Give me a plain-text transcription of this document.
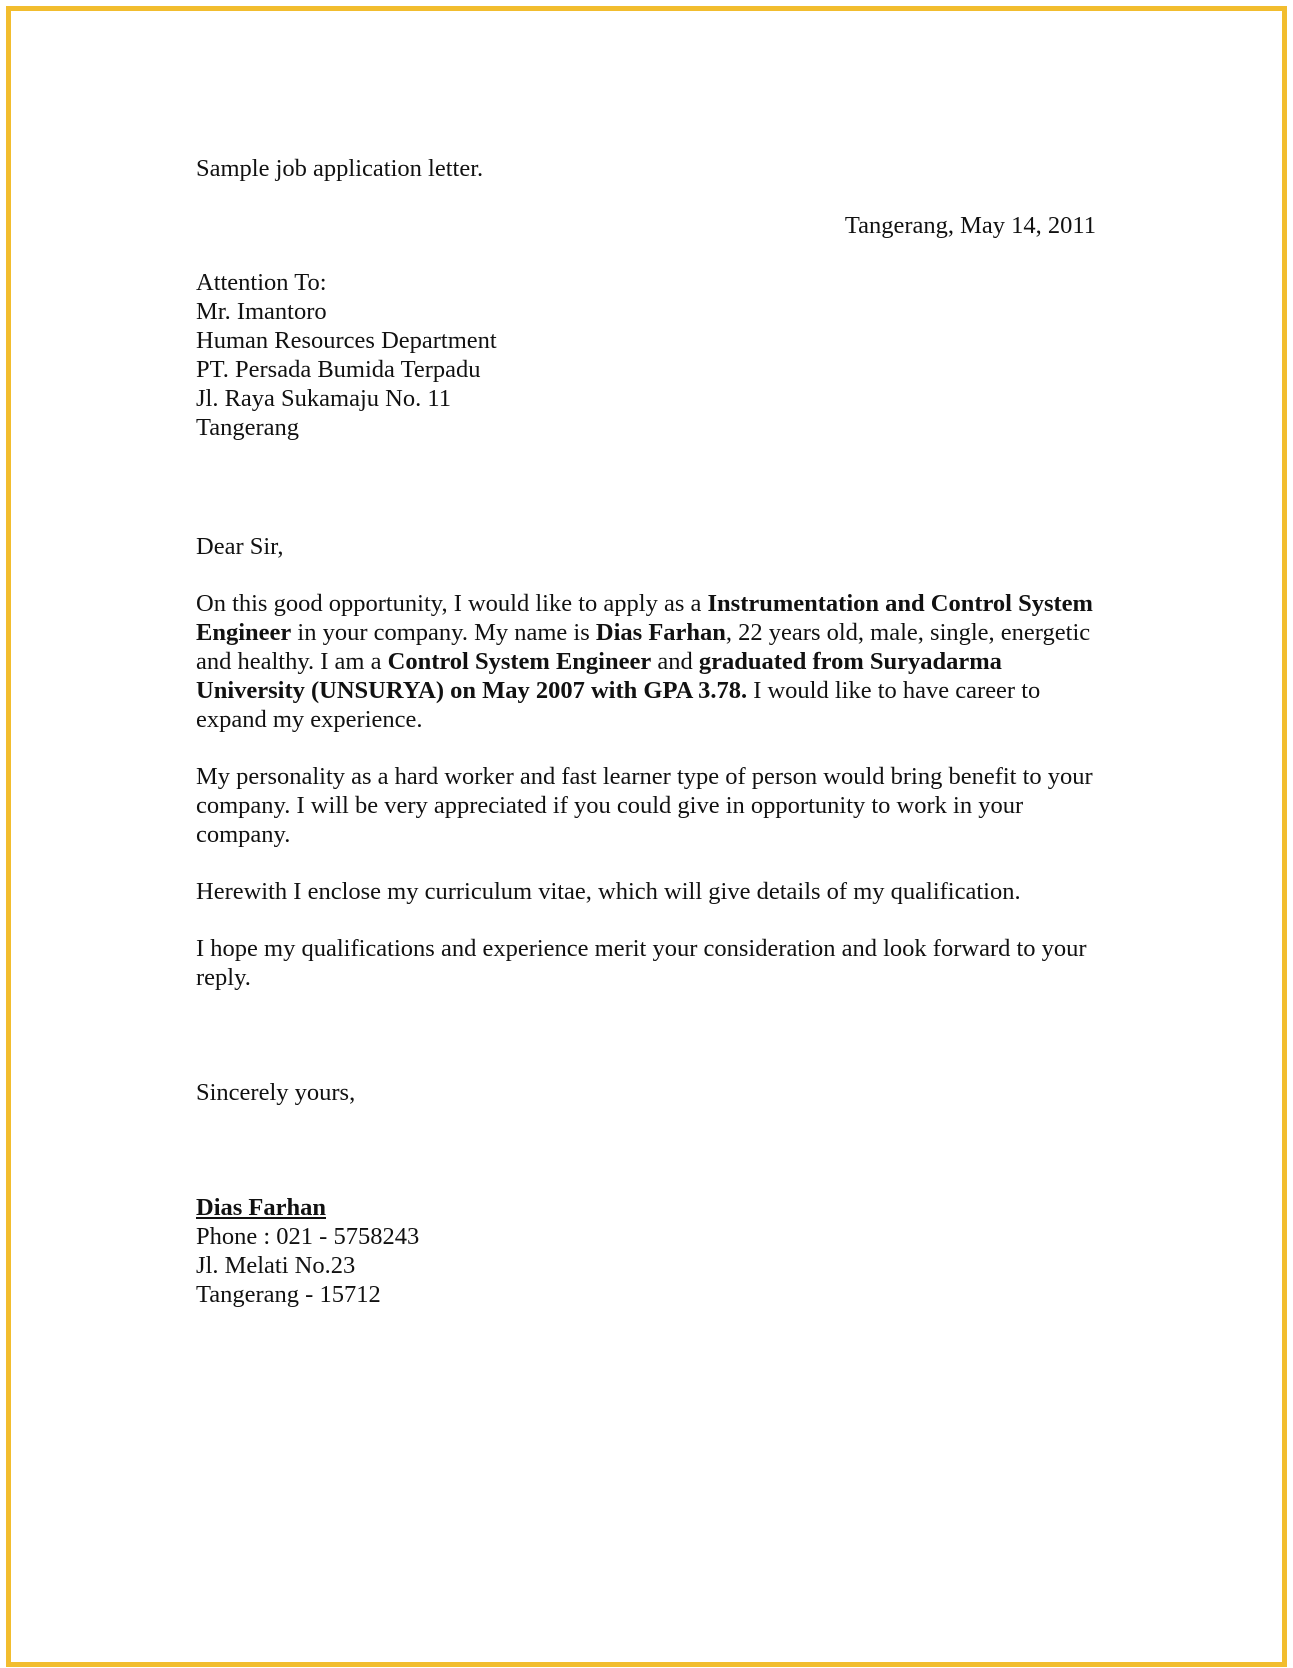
Sample job application letter.

Tangerang, May 14, 2011

Attention To:
Mr. Imantoro
Human Resources Department
PT. Persada Bumida Terpadu
Jl. Raya Sukamaju No. 11
Tangerang

Dear Sir,

On this good opportunity, I would like to apply as a Instrumentation and Control System Engineer in your company. My name is Dias Farhan, 22 years old, male, single, energetic and healthy. I am a Control System Engineer and graduated from Suryadarma University (UNSURYA) on May 2007 with GPA 3.78. I would like to have career to expand my experience.

My personality as a hard worker and fast learner type of person would bring benefit to your company. I will be very appreciated if you could give in opportunity to work in your company.

Herewith I enclose my curriculum vitae, which will give details of my qualification.

I hope my qualifications and experience merit your consideration and look forward to your reply.

Sincerely yours,

Dias Farhan
Phone : 021 - 5758243
Jl. Melati No.23
Tangerang - 15712
